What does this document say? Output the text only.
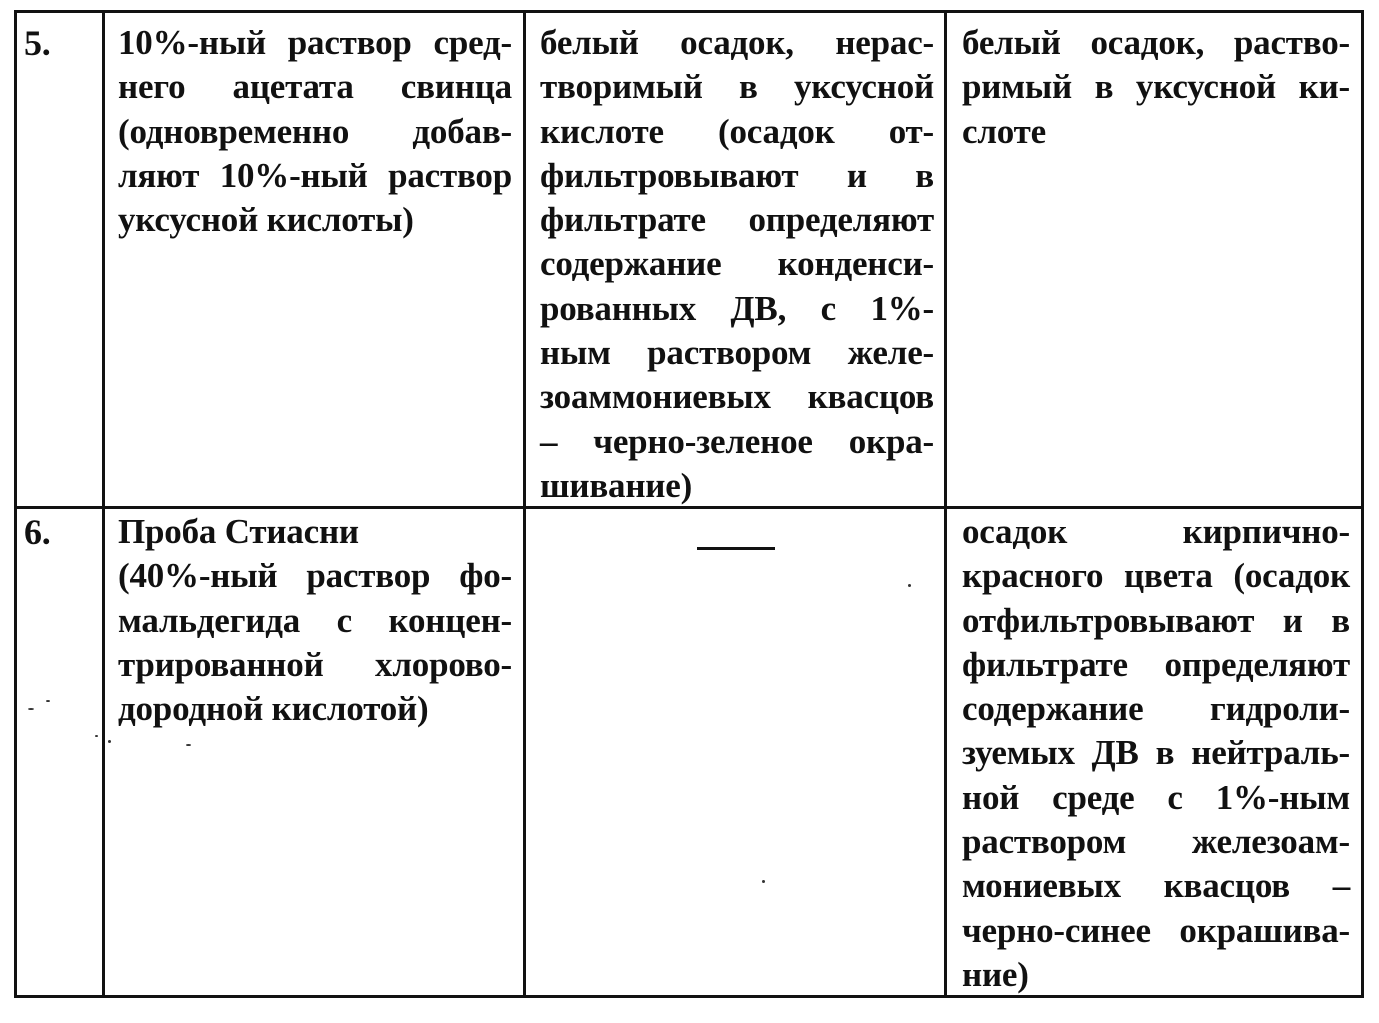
5.	10%-ный раствор сред-
него ацетата свинца
(одновременно добав-
ляют 10%-ный раствор
уксусной кислоты)
белый осадок, нерас-
творимый в уксусной
кислоте (осадок от-
фильтровывают и в
фильтрате определяют
содержание конденси-
рованных ДВ, с 1%-
ным раствором желе-
зоаммониевых квасцов
– черно-зеленое окра-
шивание)
белый осадок, раство-
римый в уксусной ки-
слоте
6.	Проба Стиасни
(40%-ный раствор фо-
мальдегида с концен-
трированной хлорово-
дородной кислотой)
осадок кирпично-
красного цвета (осадок
отфильтровывают и в
фильтрате определяют
содержание гидроли-
зуемых ДВ в нейтраль-
ной среде с 1%-ным
раствором железоам-
мониевых квасцов –
черно-синее окрашива-
ние)
